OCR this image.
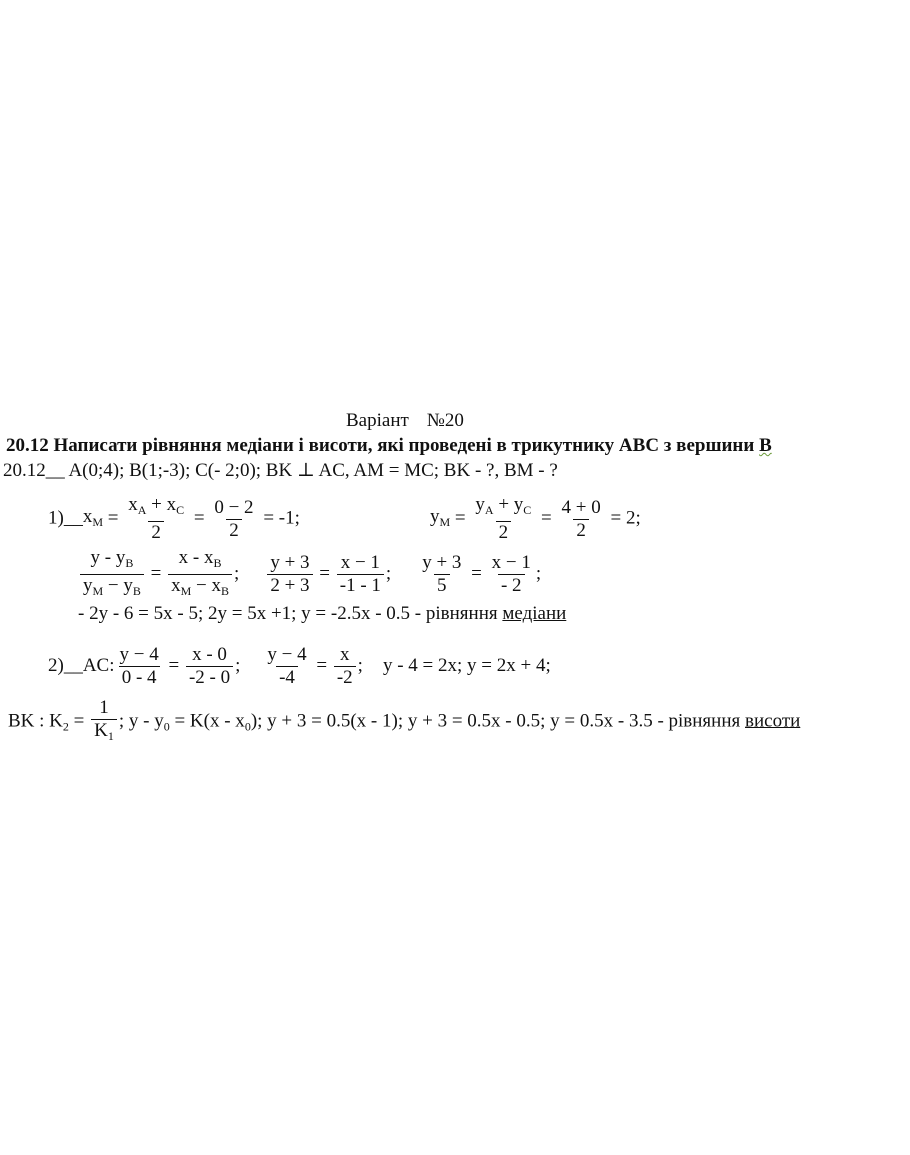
Варіант №20
20.12 Написати рівняння медіани і висоти, які проведені в трикутнику АВС з вершини В
20.12__ A(0;4); B(1;-3); C(- 2;0); BK ⊥ AC, AM = MC; BK - ?, BM - ?
$1)\_\_x_M = \frac{x_A + x_C}{2} = \frac{0 - 2}{2} = -1$;	$y_M = \frac{y_A + y_C}{2} = \frac{4 + 0}{2} = 2$;
$\frac{y - y_B}{y_M - y_B} = \frac{x - x_B}{x_M - x_B}$ ; $\frac{y + 3}{2 + 3} = \frac{x - 1}{-1 - 1}$ ; $\frac{y + 3}{5} = \frac{x - 1}{- 2}$ ;
- 2y - 6 = 5x - 5; 2y = 5x +1; y = -2.5x - 0.5 - рівняння медіани
2)__AC: $\frac{y - 4}{0 - 4} = \frac{x - 0}{-2 - 0}$ ; $\frac{y - 4}{-4} = \frac{x}{-2}$ ; y - 4 = 2x; y = 2x + 4;
BK : $K_2 = \frac{1}{K_1}$ ; $y - y_0 = K(x - x_0)$; y + 3 = 0.5(x - 1); y + 3 = 0.5x - 0.5; y = 0.5x - 3.5 - рівняння висоти
